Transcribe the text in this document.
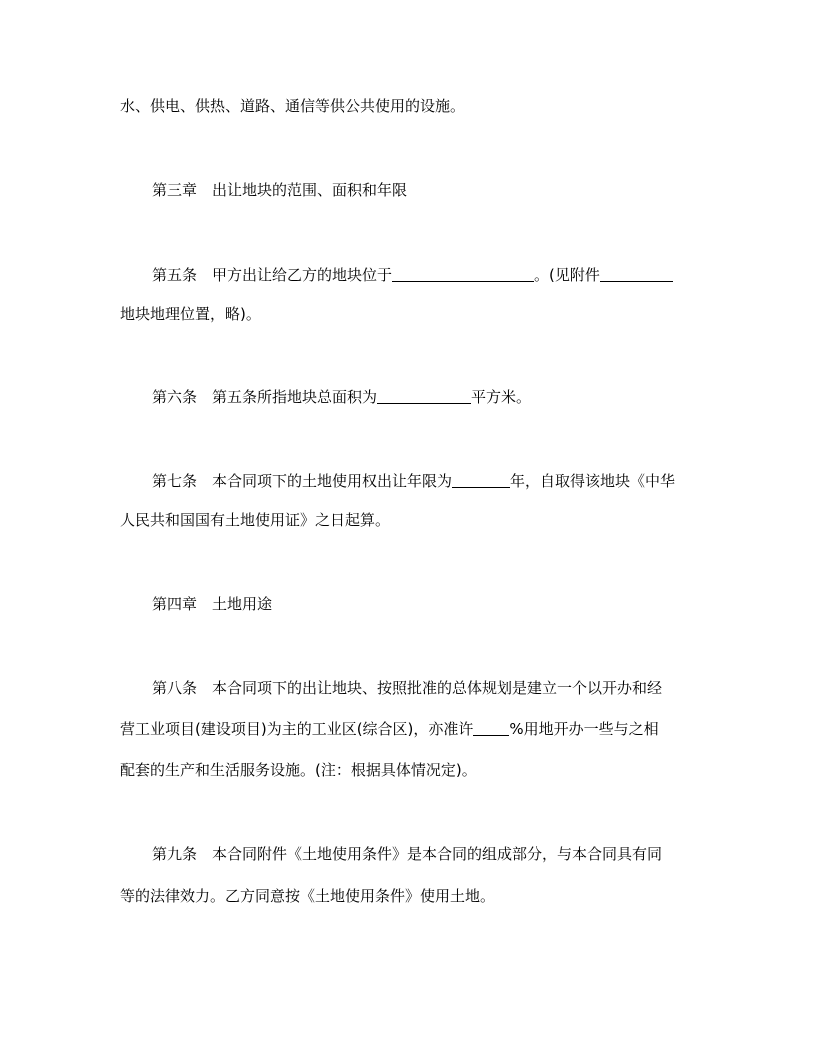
水、供电、供热、道路、通信等供公共使用的设施。
第三章 出让地块的范围、面积和年限
第五条 甲方出让给乙方的地块位于	。(见附件
地块地理位置，略)。
第六条 第五条所指地块总面积为	平方米。
第七条 本合同项下的土地使用权出让年限为	年，自取得该地块《中华
人民共和国国有土地使用证》之日起算。
第四章 土地用途
第八条 本合同项下的出让地块、按照批准的总体规划是建立一个以开办和经
营工业项目(建设项目)为主的工业区(综合区)，亦准许 %用地开办一些与之相
配套的生产和生活服务设施。(注：根据具体情况定)。
第九条 本合同附件《土地使用条件》是本合同的组成部分，与本合同具有同
等的法律效力。乙方同意按《土地使用条件》使用土地。
